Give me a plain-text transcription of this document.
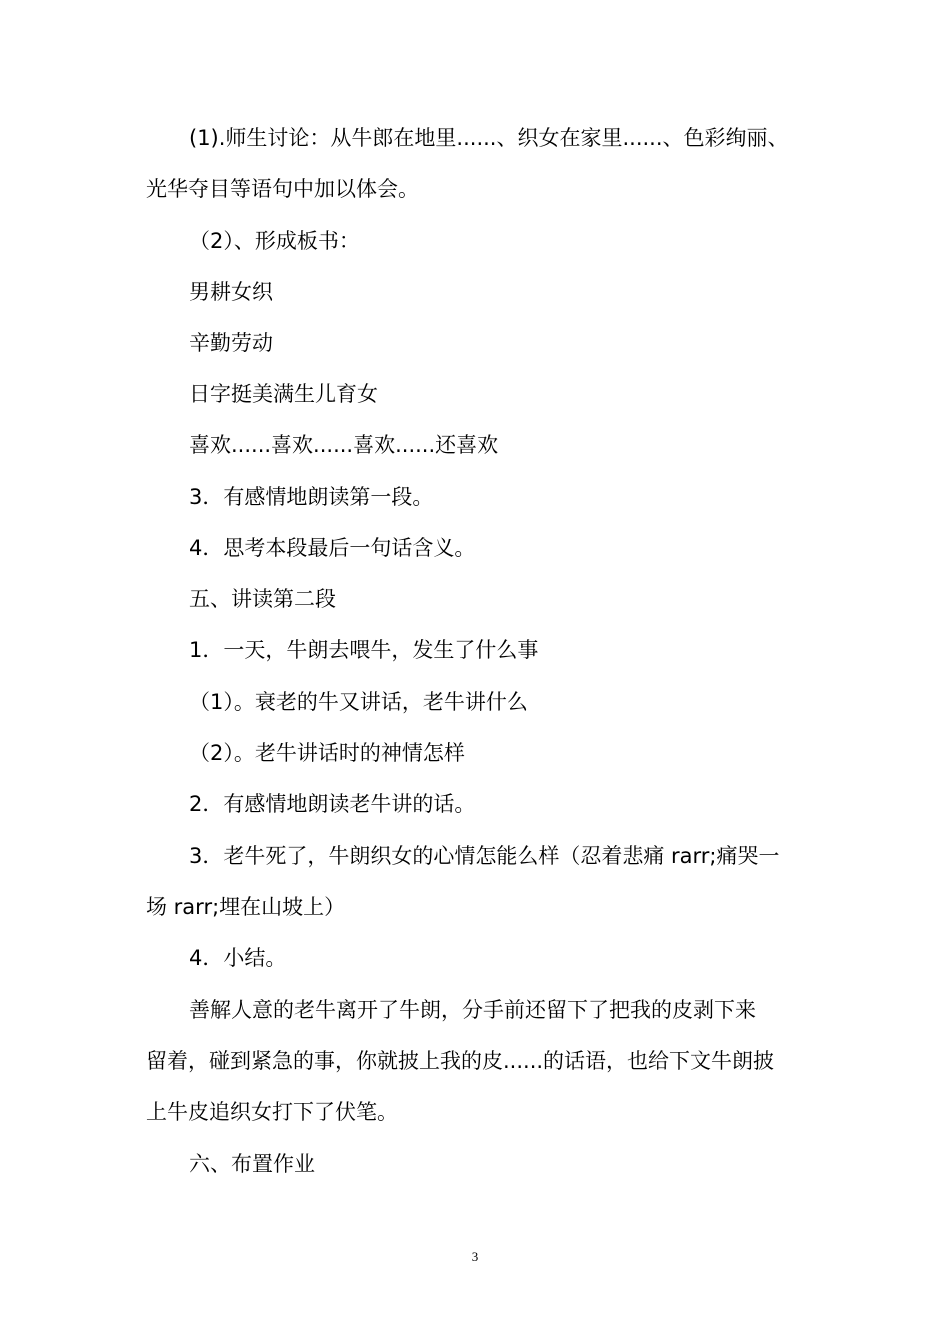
(1).师生讨论：从牛郎在地里......、织女在家里......、色彩绚丽、
光华夺目等语句中加以体会。
（2）、形成板书：
男耕女织
辛勤劳动
日字挺美满生儿育女
喜欢......喜欢......喜欢......还喜欢
3．有感情地朗读第一段。
4．思考本段最后一句话含义。
五、讲读第二段
1．一天，牛朗去喂牛，发生了什么事
（1）。衰老的牛又讲话，老牛讲什么
（2）。老牛讲话时的神情怎样
2．有感情地朗读老牛讲的话。
3．老牛死了，牛朗织女的心情怎能么样（忍着悲痛 rarr;痛哭一
场 rarr;埋在山坡上）
4．小结。
善解人意的老牛离开了牛朗，分手前还留下了把我的皮剥下来
留着，碰到紧急的事，你就披上我的皮......的话语，也给下文牛朗披
上牛皮追织女打下了伏笔。
六、布置作业
3
